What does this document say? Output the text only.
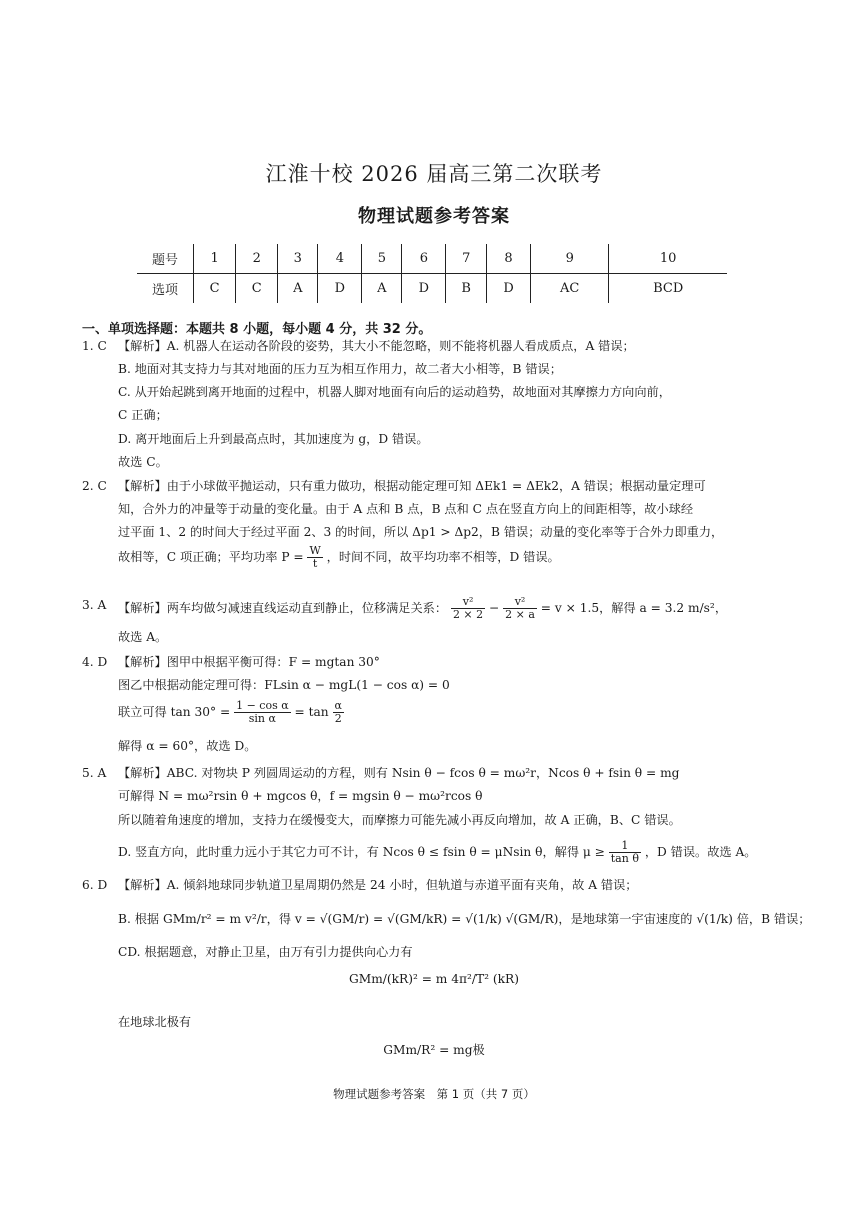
江淮十校 2026 届高三第二次联考
物理试题参考答案
题号	1	2	3	4	5	6	7	8	9	10
选项	C	C	A	D	A	D	B	D	AC	BCD
一、单项选择题：本题共 8 小题，每小题 4 分，共 32 分。
1. C 【解析】A. 机器人在运动各阶段的姿势，其大小不能忽略，则不能将机器人看成质点，A 错误；
B. 地面对其支持力与其对地面的压力互为相互作用力，故二者大小相等，B 错误；
C. 从开始起跳到离开地面的过程中，机器人脚对地面有向后的运动趋势，故地面对其摩擦力方向向前，
C 正确；
D. 离开地面后上升到最高点时，其加速度为 g，D 错误。
故选 C。
2. C 【解析】由于小球做平抛运动，只有重力做功，根据动能定理可知 ΔEk1 = ΔEk2，A 错误；根据动量定理可
知，合外力的冲量等于动量的变化量。由于 A 点和 B 点，B 点和 C 点在竖直方向上的间距相等，故小球经
过平面 1、2 的时间大于经过平面 2、3 的时间，所以 Δp1 > Δp2，B 错误；动量的变化率等于合外力即重力，
故相等，C 项正确；平均功率 $P = \frac{W}{t}$ ，时间不同，故平均功率不相等，D 错误。
3. A 【解析】两车均做匀减速直线运动直到静止，位移满足关系： $\frac{\text{v²}}{2 \times 2} - \frac{\text{v²}}{2 \times a} = v \times 1.5$，解得 a = 3.2 m/s²，
故选 A。
4. D 【解析】图甲中根据平衡可得：F = mgtan 30°
图乙中根据动能定理可得：FLsin α − mgL(1 − cos α) = 0
联立可得 $\tan 30^\circ = \frac{\text{1 − cos α}}{\text{sin α}} = \tan \frac{\alpha}{2}$
解得 α = 60°，故选 D。
5. A 【解析】ABC. 对物块 P 列圆周运动的方程，则有 Nsin θ − fcos θ = mω²r，Ncos θ + fsin θ = mg
可解得 N = mω²rsin θ + mgcos θ，f = mgsin θ − mω²rcos θ
所以随着角速度的增加，支持力在缓慢变大，而摩擦力可能先减小再反向增加，故 A 正确，B、C 错误。
D. 竖直方向，此时重力远小于其它力可不计，有 Ncos θ ≤ fsin θ = μNsin θ，解得 $\mu \ge \frac{1}{\text{tan θ}}$ ，D 错误。故选 A。
6. D 【解析】A. 倾斜地球同步轨道卫星周期仍然是 24 小时，但轨道与赤道平面有夹角，故 A 错误；
B. 根据 GMm/r² = m v²/r，得 v = √(GM/r) = √(GM/kR) = √(1/k) √(GM/R)，是地球第一宇宙速度的 √(1/k) 倍，B 错误；
CD. 根据题意，对静止卫星，由万有引力提供向心力有
GMm/(kR)² = m 4π²/T² (kR)
在地球北极有
GMm/R² = mg极
物理试题参考答案　第 1 页（共 7 页）
